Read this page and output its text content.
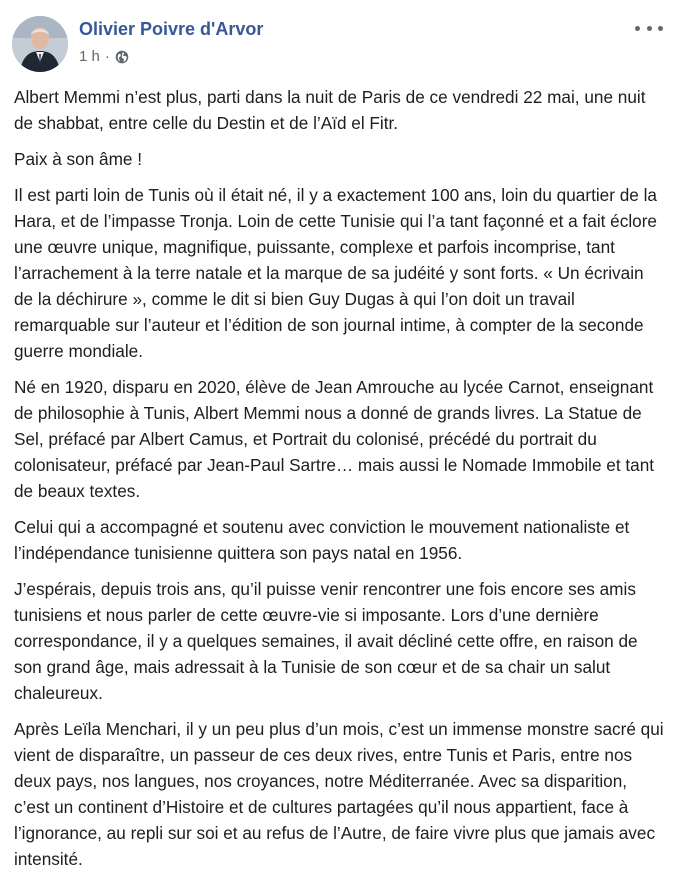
Olivier Poivre d'Arvor
1 h ·

Albert Memmi n’est plus, parti dans la nuit de Paris de ce vendredi 22 mai, une nuit de shabbat, entre celle du Destin et de l’Aïd el Fitr.

Paix à son âme !

Il est parti loin de Tunis où il était né, il y a exactement 100 ans, loin du quartier de la Hara, et de l’impasse Tronja. Loin de cette Tunisie qui l’a tant façonné et a fait éclore une œuvre unique, magnifique, puissante, complexe et parfois incomprise, tant l’arrachement à la terre natale et la marque de sa judéité y sont forts. « Un écrivain de la déchirure », comme le dit si bien Guy Dugas à qui l’on doit un travail remarquable sur l’auteur et l’édition de son journal intime, à compter de la seconde guerre mondiale.

Né en 1920, disparu en 2020, élève de Jean Amrouche au lycée Carnot, enseignant de philosophie à Tunis, Albert Memmi nous a donné de grands livres. La Statue de Sel, préfacé par Albert Camus, et Portrait du colonisé, précédé du portrait du colonisateur, préfacé par Jean-Paul Sartre… mais aussi le Nomade Immobile et tant de beaux textes.

Celui qui a accompagné et soutenu avec conviction le mouvement nationaliste et l’indépendance tunisienne quittera son pays natal en 1956.

J’espérais, depuis trois ans, qu’il puisse venir rencontrer une fois encore ses amis tunisiens et nous parler de cette œuvre-vie si imposante. Lors d’une dernière correspondance, il y a quelques semaines, il avait décliné cette offre, en raison de son grand âge, mais adressait à la Tunisie de son cœur et de sa chair un salut chaleureux.

Après Leïla Menchari, il y un peu plus d’un mois, c’est un immense monstre sacré qui vient de disparaître, un passeur de ces deux rives, entre Tunis et Paris, entre nos deux pays, nos langues, nos croyances, notre Méditerranée. Avec sa disparition, c’est un continent d’Histoire et de cultures partagées qu’il nous appartient, face à l’ignorance, au repli sur soi et au refus de l’Autre, de faire vivre plus que jamais avec intensité.
